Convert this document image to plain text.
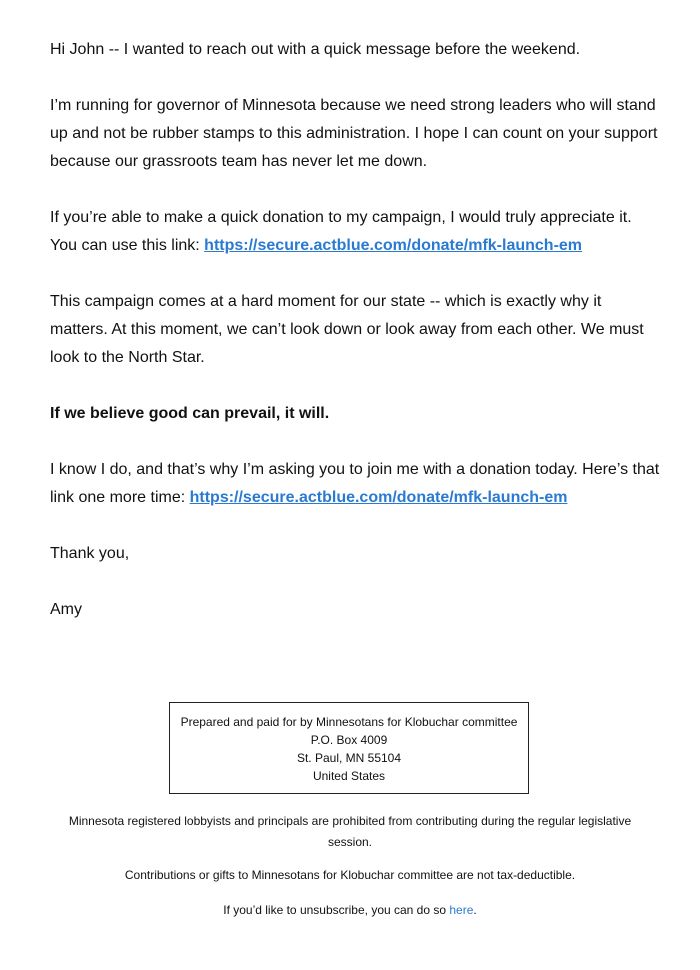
Hi John -- I wanted to reach out with a quick message before the weekend.

I’m running for governor of Minnesota because we need strong leaders who will stand up and not be rubber stamps to this administration. I hope I can count on your support because our grassroots team has never let me down.

If you’re able to make a quick donation to my campaign, I would truly appreciate it. You can use this link: https://secure.actblue.com/donate/mfk-launch-em

This campaign comes at a hard moment for our state -- which is exactly why it matters. At this moment, we can’t look down or look away from each other. We must look to the North Star.

If we believe good can prevail, it will.

I know I do, and that’s why I’m asking you to join me with a donation today. Here’s that link one more time: https://secure.actblue.com/donate/mfk-launch-em

Thank you,

Amy

Prepared and paid for by Minnesotans for Klobuchar committee
P.O. Box 4009
St. Paul, MN 55104
United States
Minnesota registered lobbyists and principals are prohibited from contributing during the regular legislative session.
Contributions or gifts to Minnesotans for Klobuchar committee are not tax-deductible.
If you’d like to unsubscribe, you can do so here.
